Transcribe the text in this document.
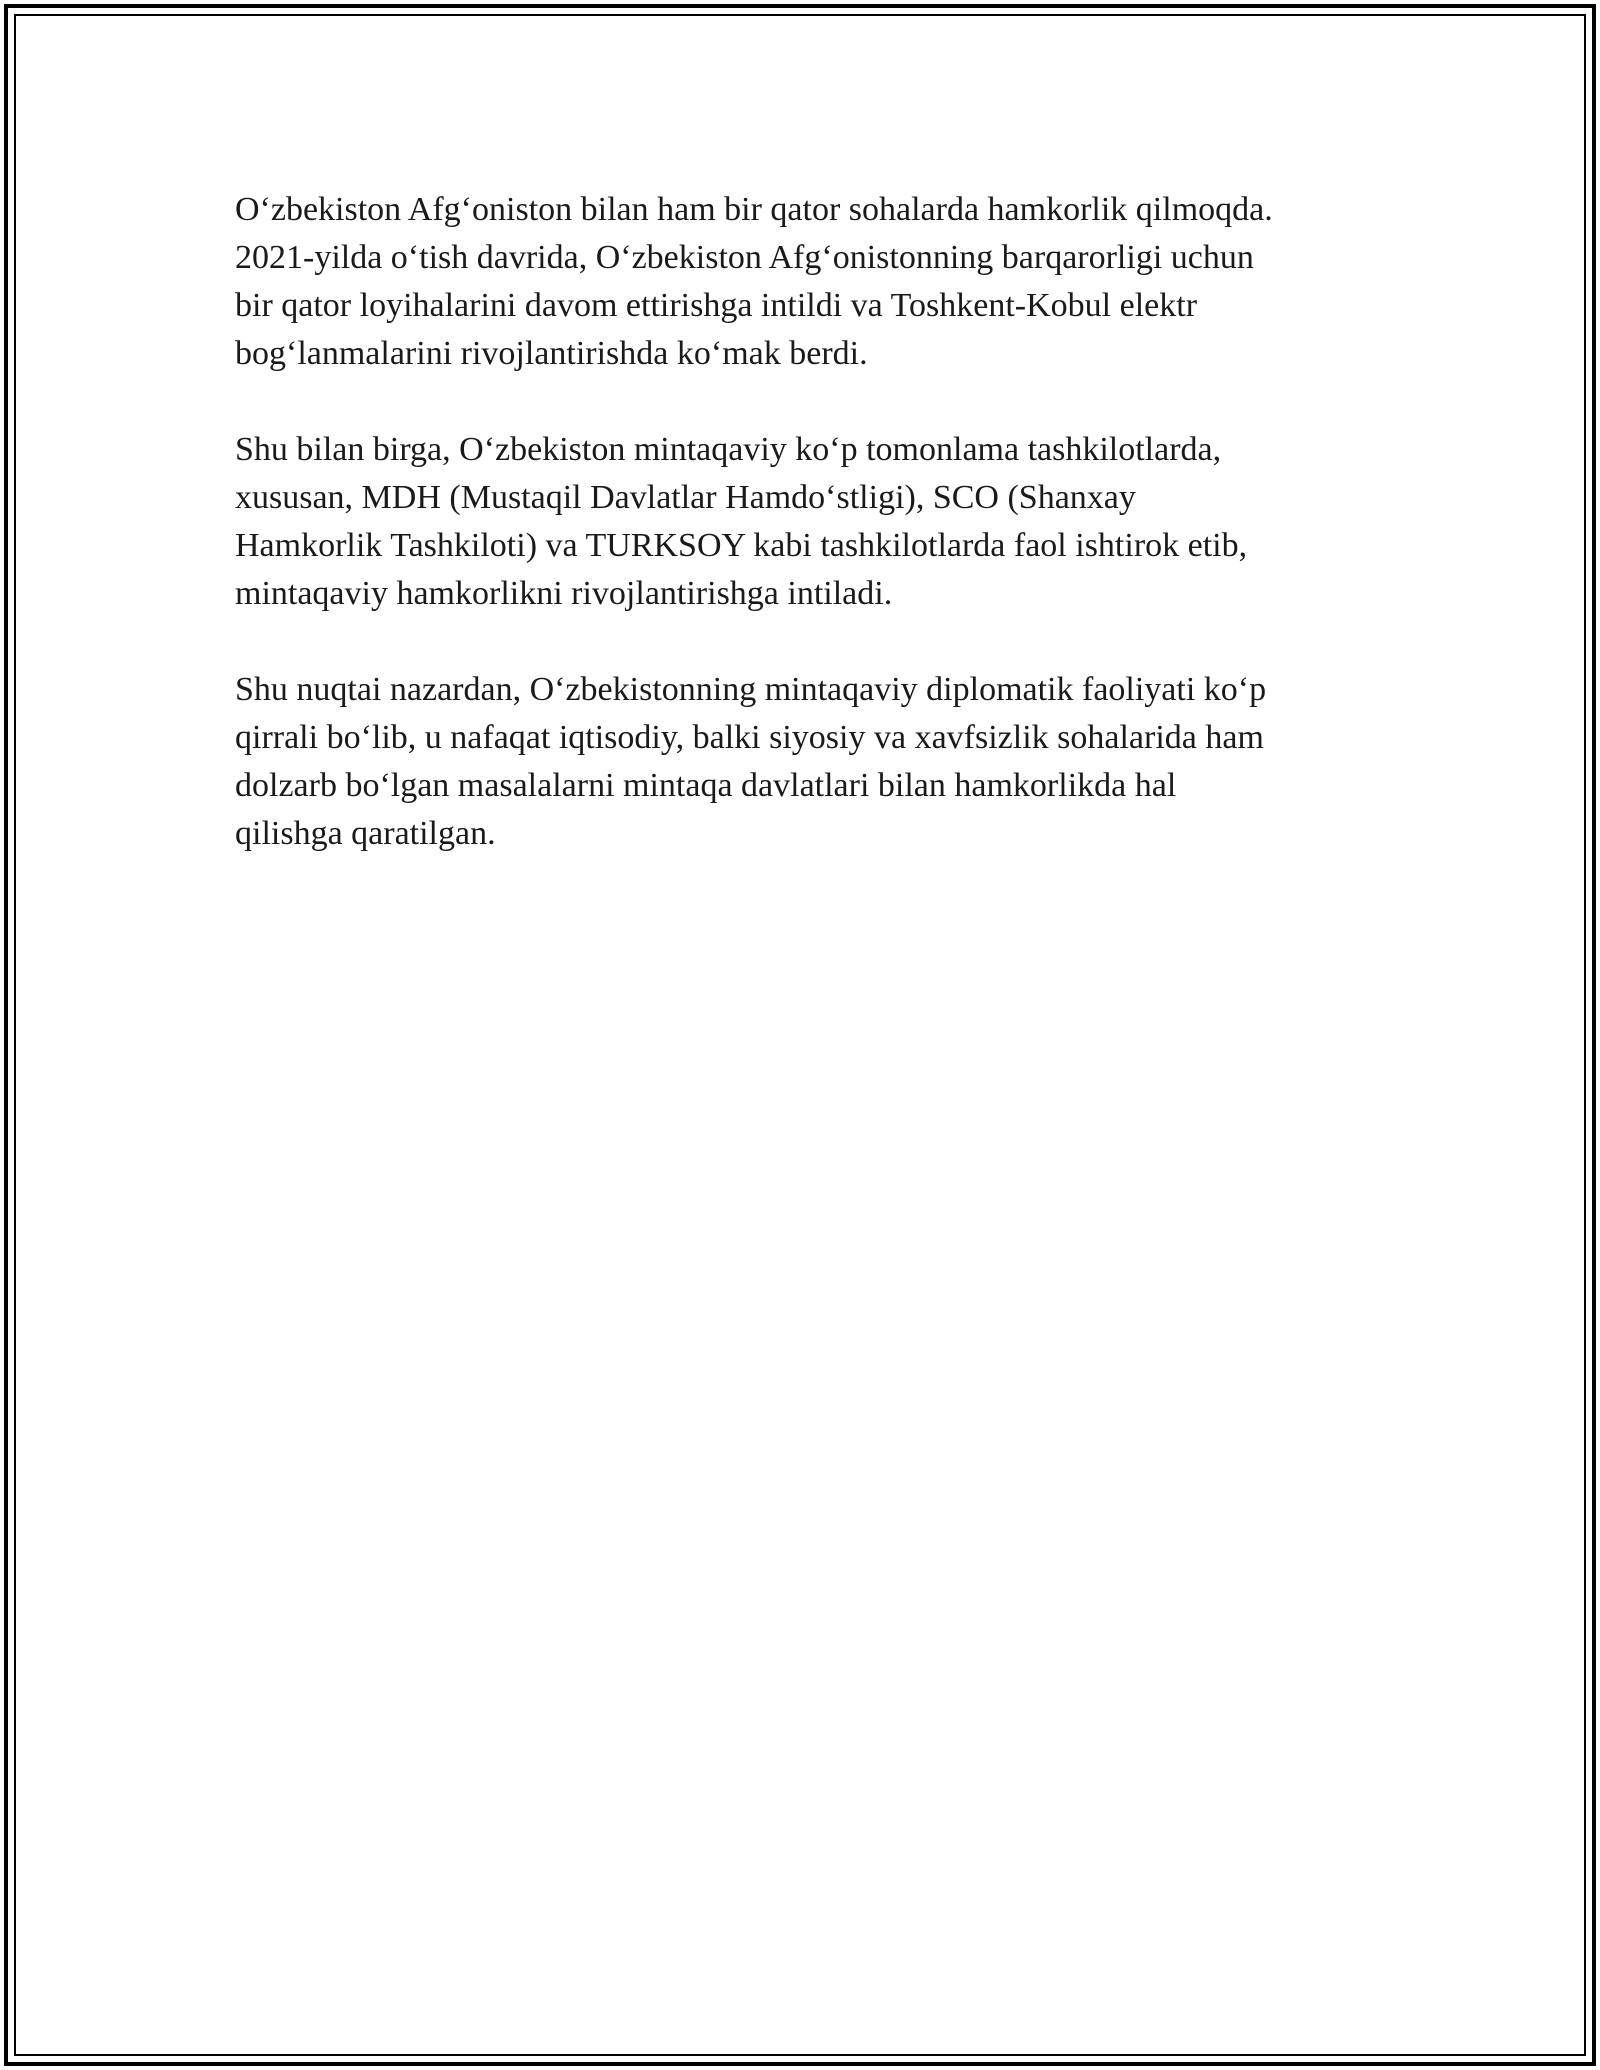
O‘zbekiston Afg‘oniston bilan ham bir qator sohalarda hamkorlik qilmoqda.
2021-yilda o‘tish davrida, O‘zbekiston Afg‘onistonning barqarorligi uchun
bir qator loyihalarini davom ettirishga intildi va Toshkent-Kobul elektr
bog‘lanmalarini rivojlantirishda ko‘mak berdi.

Shu bilan birga, O‘zbekiston mintaqaviy ko‘p tomonlama tashkilotlarda,
xususan, MDH (Mustaqil Davlatlar Hamdo‘stligi), SCO (Shanxay
Hamkorlik Tashkiloti) va TURKSOY kabi tashkilotlarda faol ishtirok etib,
mintaqaviy hamkorlikni rivojlantirishga intiladi.

Shu nuqtai nazardan, O‘zbekistonning mintaqaviy diplomatik faoliyati ko‘p
qirrali bo‘lib, u nafaqat iqtisodiy, balki siyosiy va xavfsizlik sohalarida ham
dolzarb bo‘lgan masalalarni mintaqa davlatlari bilan hamkorlikda hal
qilishga qaratilgan.
